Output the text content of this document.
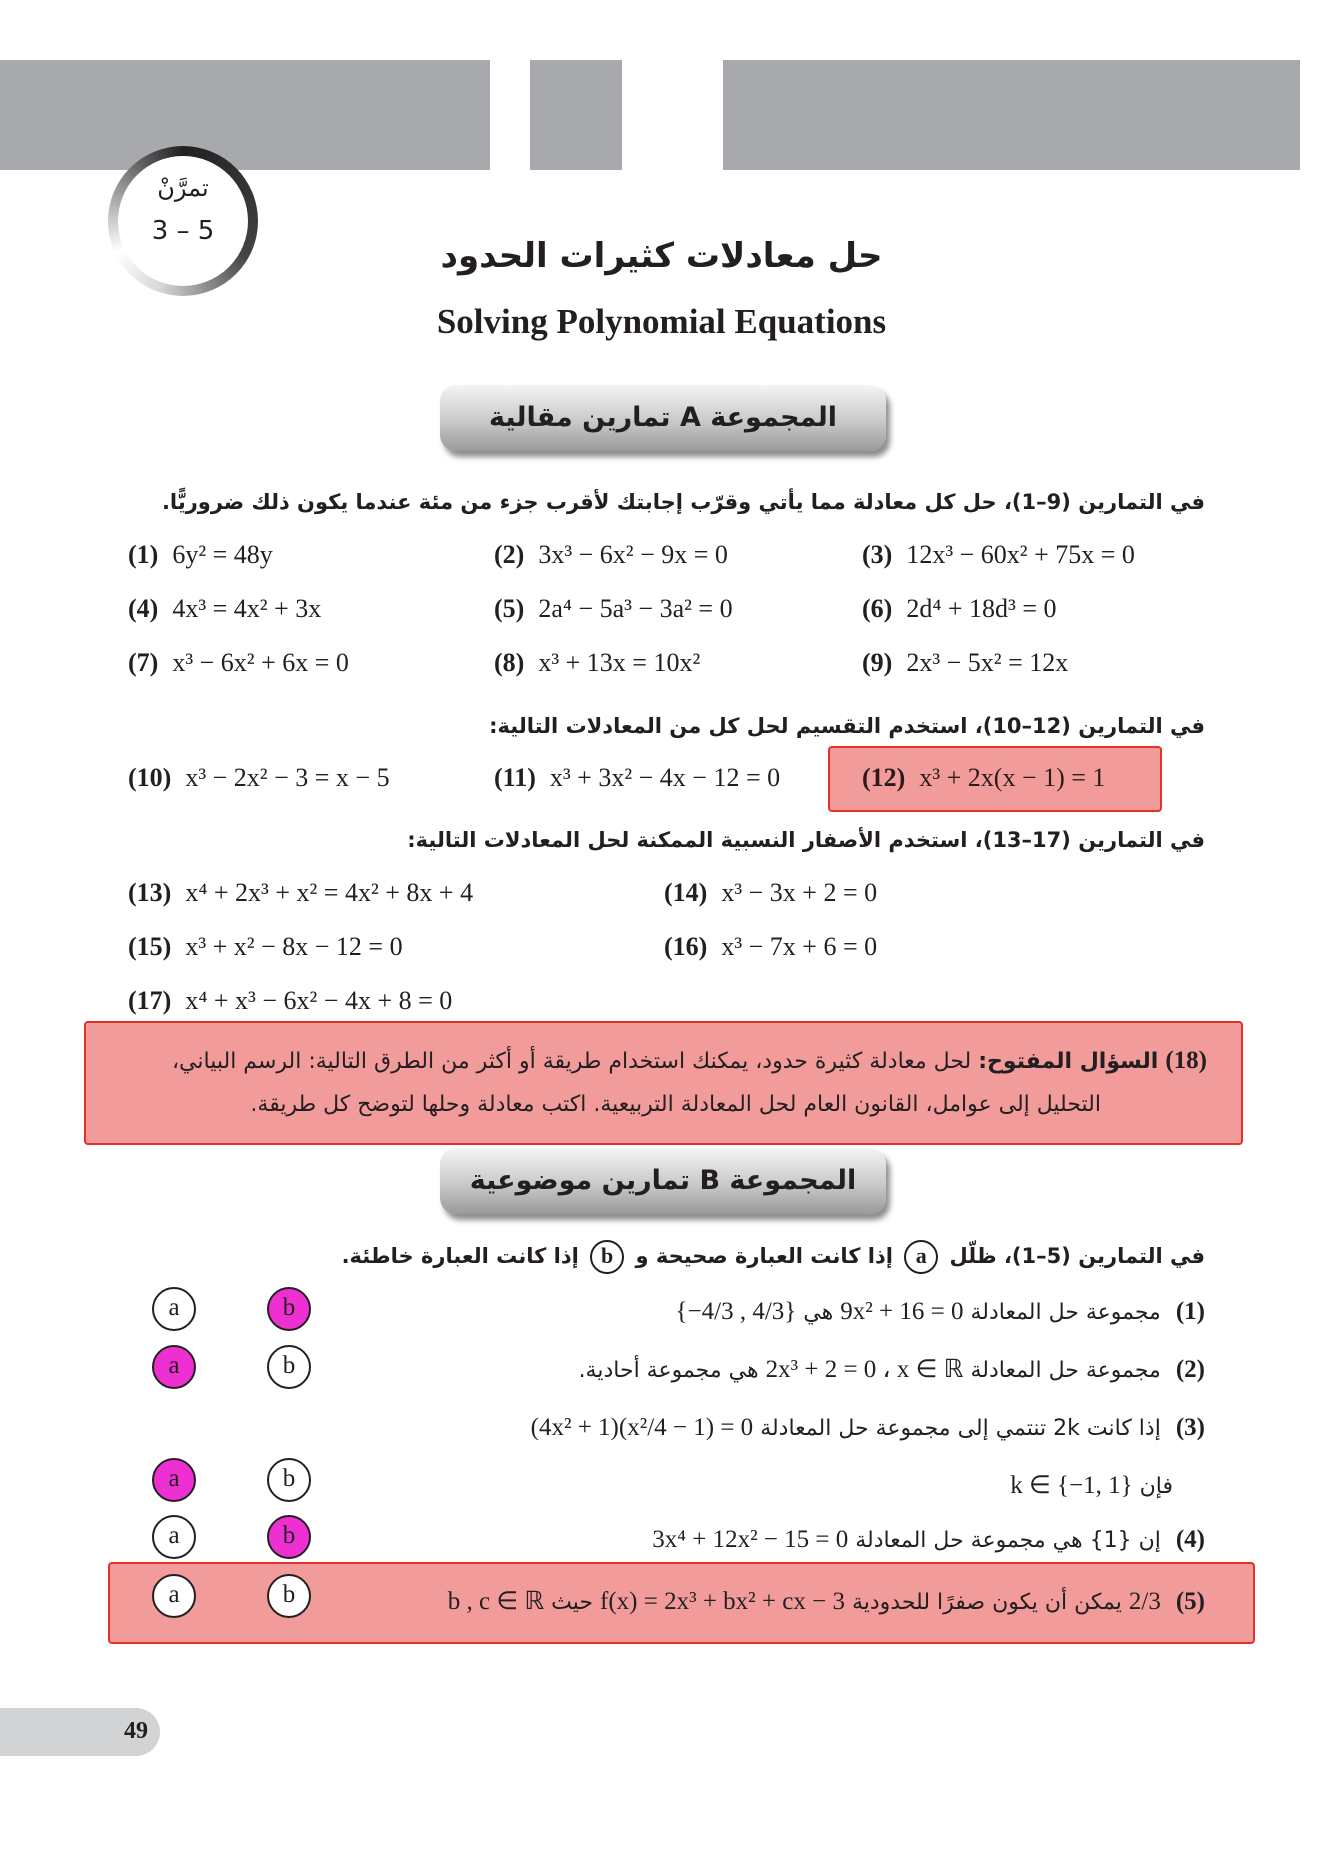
تمرَّنْ
3 – 5
حل معادلات كثيرات الحدود
Solving Polynomial Equations
المجموعة A تمارين مقالية
في التمارين (9–1)، حل كل معادلة مما يأتي وقرّب إجابتك لأقرب جزء من مئة عندما يكون ذلك ضروريًّا.
(1) 6y² = 48y	(2) 3x³ − 6x² − 9x = 0	(3) 12x³ − 60x² + 75x = 0
(4) 4x³ = 4x² + 3x	(5) 2a⁴ − 5a³ − 3a² = 0	(6) 2d⁴ + 18d³ = 0
(7) x³ − 6x² + 6x = 0	(8) x³ + 13x = 10x²	(9) 2x³ − 5x² = 12x
في التمارين (12–10)، استخدم التقسيم لحل كل من المعادلات التالية:
(10) x³ − 2x² − 3 = x − 5	(11) x³ + 3x² − 4x − 12 = 0	(12) x³ + 2x(x − 1) = 1
في التمارين (17–13)، استخدم الأصفار النسبية الممكنة لحل المعادلات التالية:
(13) x⁴ + 2x³ + x² = 4x² + 8x + 4	(14) x³ − 3x + 2 = 0
(15) x³ + x² − 8x − 12 = 0	(16) x³ − 7x + 6 = 0
(17) x⁴ + x³ − 6x² − 4x + 8 = 0
(18) السؤال المفتوح: لحل معادلة كثيرة حدود، يمكنك استخدام طريقة أو أكثر من الطرق التالية: الرسم البياني،
التحليل إلى عوامل، القانون العام لحل المعادلة التربيعية. اكتب معادلة وحلها لتوضح كل طريقة.
المجموعة B تمارين موضوعية
في التمارين (5–1)، ظلّل a إذا كانت العبارة صحيحة و b إذا كانت العبارة خاطئة.
(1) مجموعة حل المعادلة 9x² + 16 = 0 هي {−4/3 , 4/3}
a	b
(2) مجموعة حل المعادلة 2x³ + 2 = 0 ، x ∈ ℝ هي مجموعة أحادية.
a	b
(3) إذا كانت 2k تنتمي إلى مجموعة حل المعادلة (4x² + 1)(x²/4 − 1) = 0
فإن k ∈ {−1, 1}
a	b
(4) إن {1} هي مجموعة حل المعادلة 3x⁴ + 12x² − 15 = 0
a	b
(5) 2/3 يمكن أن يكون صفرًا للحدودية f(x) = 2x³ + bx² + cx − 3 حيث b , c ∈ ℝ
a	b
49
